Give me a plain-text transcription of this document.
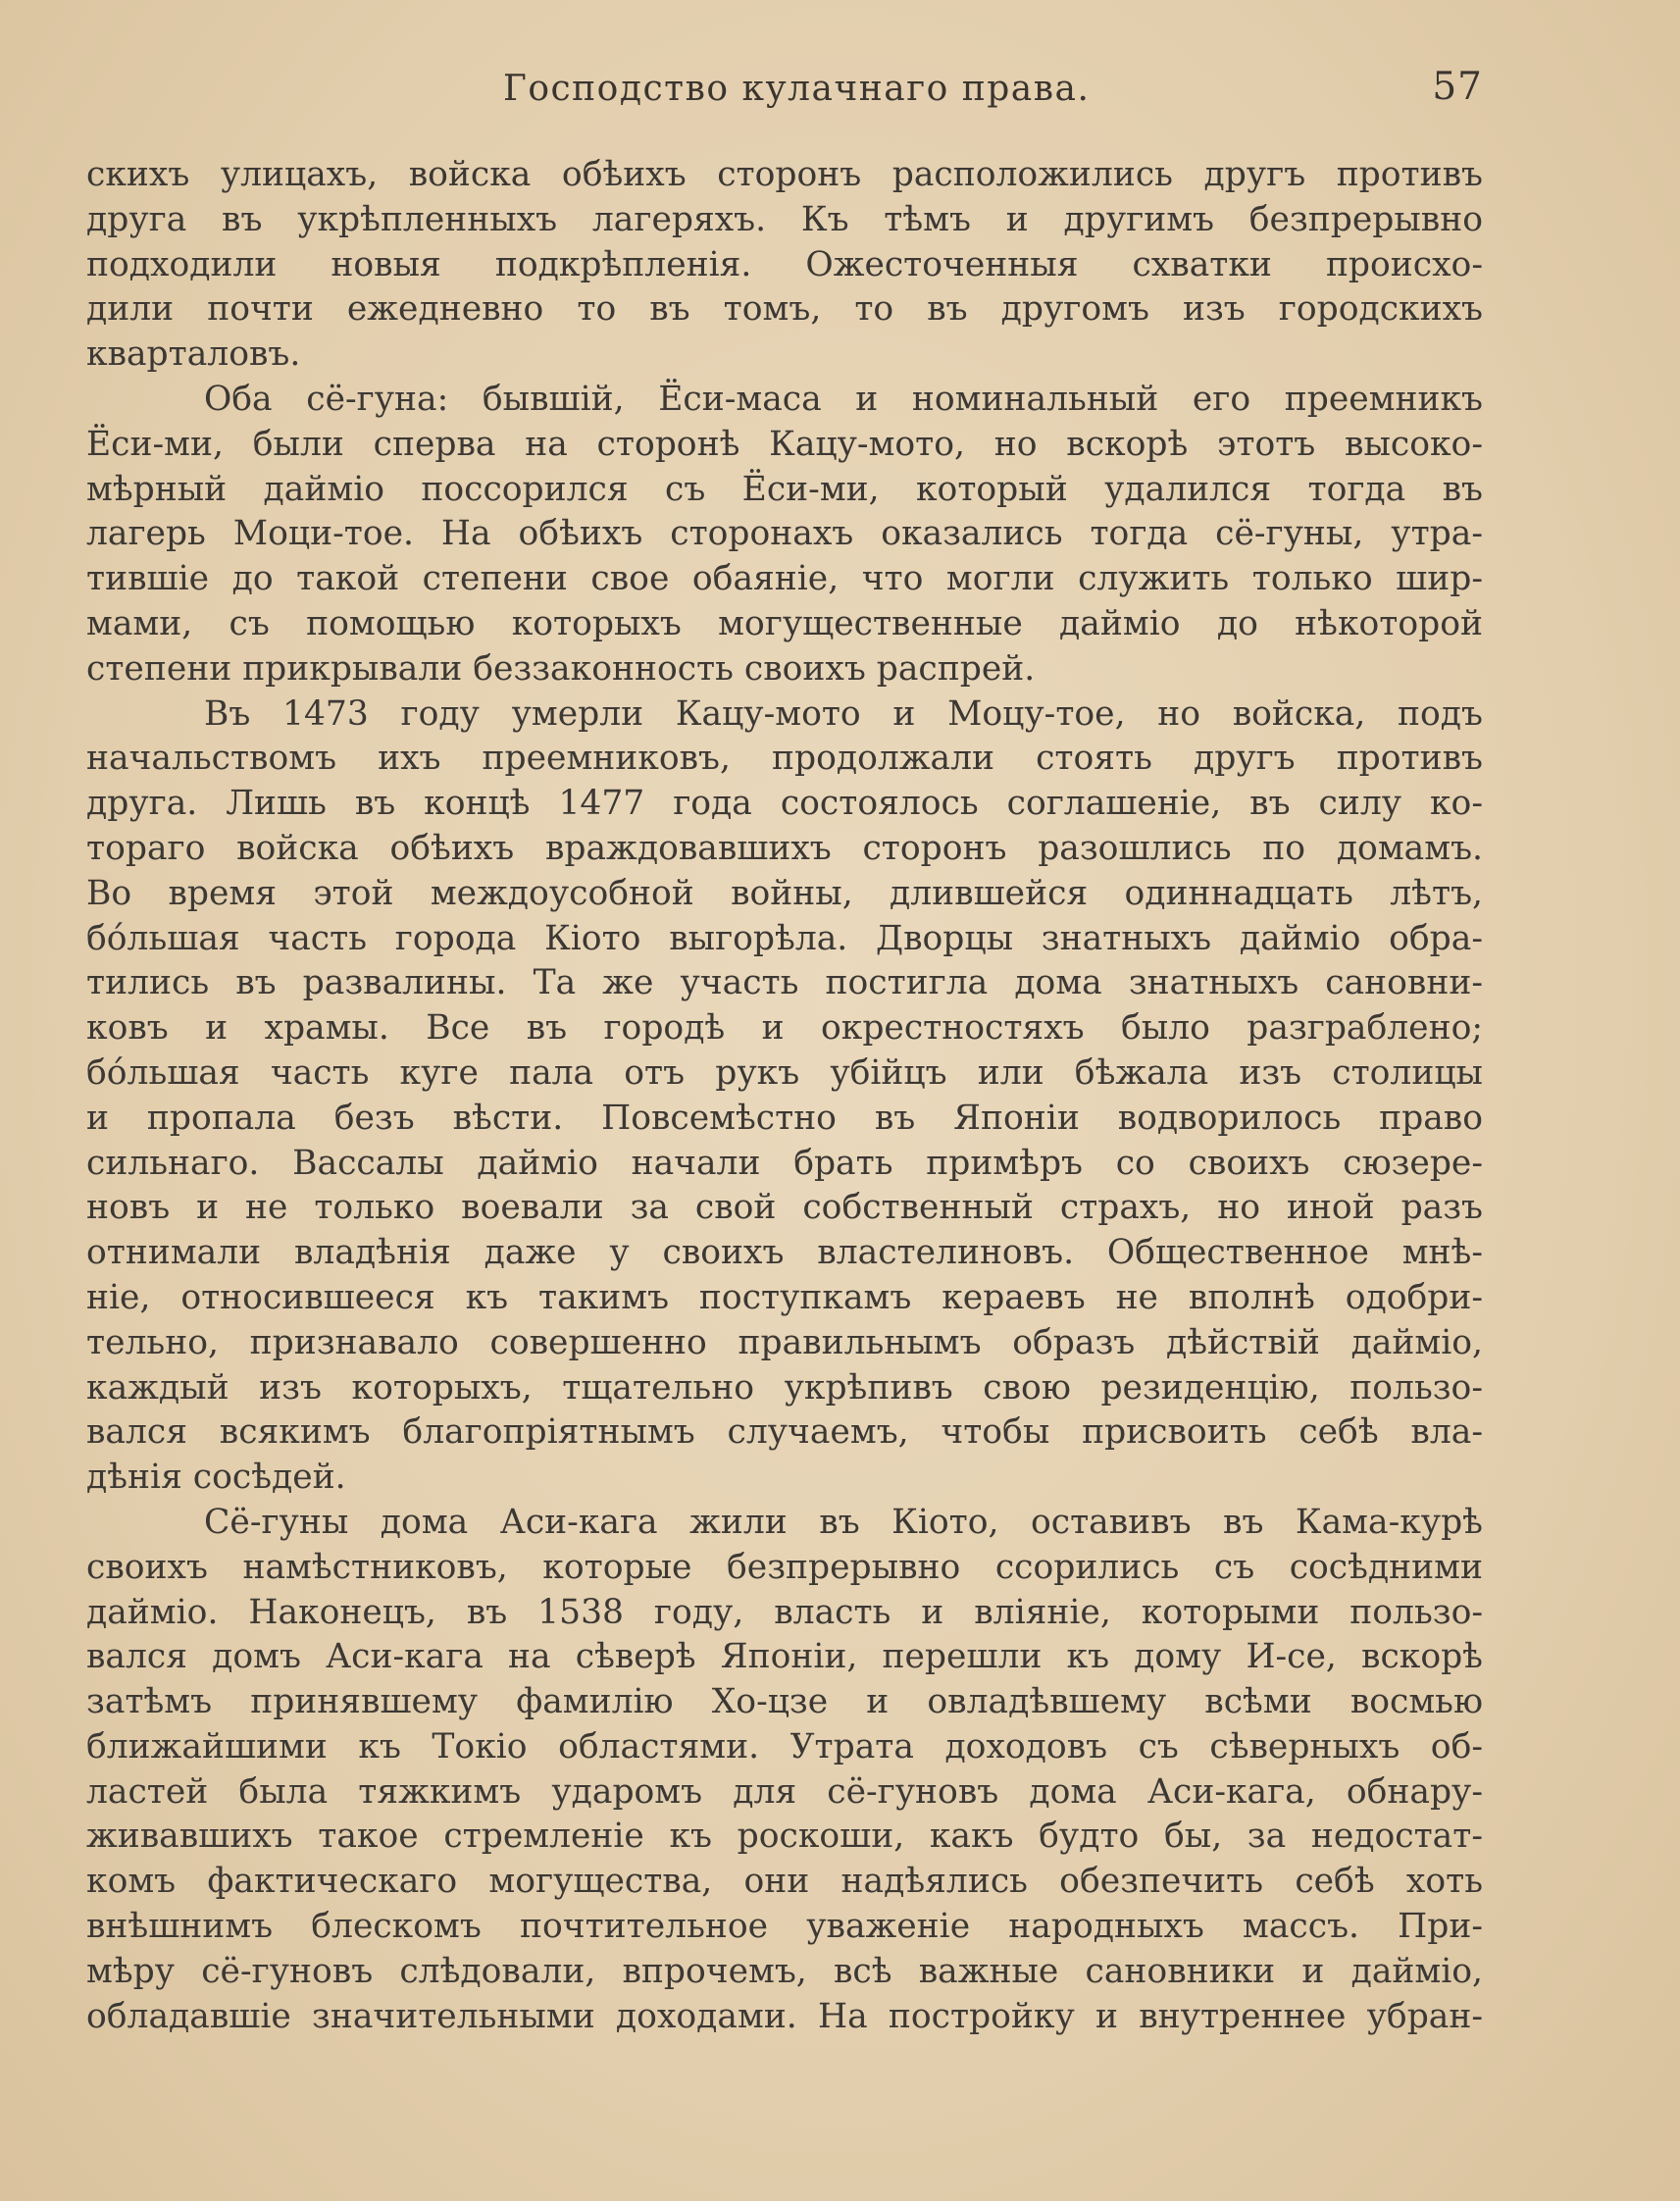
Господство кулачнаго права.	57
скихъ улицахъ, войска обѣихъ сторонъ расположились другъ противъ
друга въ укрѣпленныхъ лагеряхъ. Къ тѣмъ и другимъ безпрерывно
подходили новыя подкрѣпленія. Ожесточенныя схватки происхо-
дили почти ежедневно то въ томъ, то въ другомъ изъ городскихъ
кварталовъ.
Оба сё-гуна: бывшій, Ёси-маса и номинальный его преемникъ
Ёси-ми, были сперва на сторонѣ Кацу-мото, но вскорѣ этотъ высоко-
мѣрный дайміо поссорился съ Ёси-ми, который удалился тогда въ
лагерь Моци-тое. На обѣихъ сторонахъ оказались тогда сё-гуны, утра-
тившіе до такой степени свое обаяніе, что могли служить только шир-
мами, съ помощью которыхъ могущественные дайміо до нѣкоторой
степени прикрывали беззаконность своихъ распрей.
Въ 1473 году умерли Кацу-мото и Моцу-тое, но войска, подъ
начальствомъ ихъ преемниковъ, продолжали стоять другъ противъ
друга. Лишь въ концѣ 1477 года состоялось соглашеніе, въ силу ко-
тораго войска обѣихъ враждовавшихъ сторонъ разошлись по домамъ.
Во время этой междоусобной войны, длившейся одиннадцать лѣтъ,
бóльшая часть города Кіото выгорѣла. Дворцы знатныхъ дайміо обра-
тились въ развалины. Та же участь постигла дома знатныхъ сановни-
ковъ и храмы. Все въ городѣ и окрестностяхъ было разграблено;
бóльшая часть куге пала отъ рукъ убійцъ или бѣжала изъ столицы
и пропала безъ вѣсти. Повсемѣстно въ Японіи водворилось право
сильнаго. Вассалы дайміо начали брать примѣръ со своихъ сюзере-
новъ и не только воевали за свой собственный страхъ, но иной разъ
отнимали владѣнія даже у своихъ властелиновъ. Общественное мнѣ-
ніе, относившееся къ такимъ поступкамъ кераевъ не вполнѣ одобри-
тельно, признавало совершенно правильнымъ образъ дѣйствій дайміо,
каждый изъ которыхъ, тщательно укрѣпивъ свою резиденцію, пользо-
вался всякимъ благопріятнымъ случаемъ, чтобы присвоить себѣ вла-
дѣнія сосѣдей.
Сё-гуны дома Аси-кага жили въ Кіото, оставивъ въ Кама-курѣ
своихъ намѣстниковъ, которые безпрерывно ссорились съ сосѣдними
дайміо. Наконецъ, въ 1538 году, власть и вліяніе, которыми пользо-
вался домъ Аси-кага на сѣверѣ Японіи, перешли къ дому И-се, вскорѣ
затѣмъ принявшему фамилію Хо-цзе и овладѣвшему всѣми восмью
ближайшими къ Токіо областями. Утрата доходовъ съ сѣверныхъ об-
ластей была тяжкимъ ударомъ для сё-гуновъ дома Аси-кага, обнару-
живавшихъ такое стремленіе къ роскоши, какъ будто бы, за недостат-
комъ фактическаго могущества, они надѣялись обезпечить себѣ хоть
внѣшнимъ блескомъ почтительное уваженіе народныхъ массъ. При-
мѣру сё-гуновъ слѣдовали, впрочемъ, всѣ важные сановники и дайміо,
обладавшіе значительными доходами. На постройку и внутреннее убран-
